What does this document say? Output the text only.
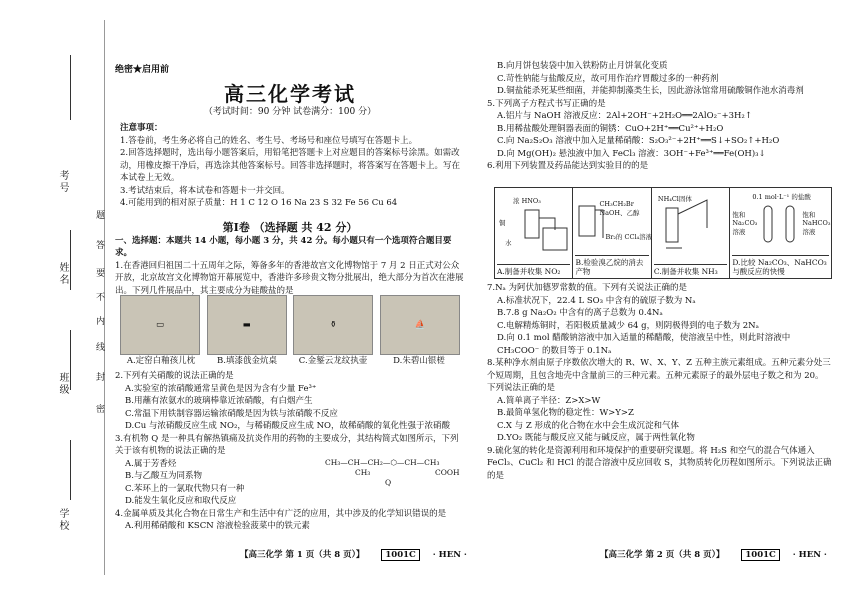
考号
姓名
班级
学校
题
答
要
不
内
线
封
密
绝密★启用前
高三化学考试
（考试时间：90 分钟 试卷满分：100 分）
注意事项：
1.答卷前，考生务必将自己的姓名、考生号、考场号和座位号填写在答题卡上。
2.回答选择题时，选出每小题答案后，用铅笔把答题卡上对应题目的答案标号涂黑。如需改动，用橡皮擦干净后，再选涂其他答案标号。回答非选择题时，将答案写在答题卡上。写在本试卷上无效。
3.考试结束后，将本试卷和答题卡一并交回。
4.可能用到的相对原子质量：H 1 C 12 O 16 Na 23 S 32 Fe 56 Cu 64
第Ⅰ卷 （选择题 共 42 分）
一、选择题：本题共 14 小题，每小题 3 分，共 42 分。每小题只有一个选项符合题目要求。
1.在香港回归祖国二十五周年之际，筹备多年的香港故宫文化博物馆于 7 月 2 日正式对公众开放，北京故宫文化博物馆开幕展览中，香港许多珍贵文物分批展出，绝大部分为首次在港展出。下列几件展品中，其主要成分为硅酸盐的是
▭	▬	⚱	⛵
A.定窑白釉孩儿枕	B.填漆戗金炕桌	C.金錾云龙纹执壶	D.朱碧山银槎
2.下列有关硝酸的说法正确的是
A.实验室的浓硝酸通常呈黄色是因为含有少量 Fe³⁺
B.用蘸有浓氨水的玻璃棒靠近浓硝酸，有白烟产生
C.常温下用铁制容器运输浓硝酸是因为铁与浓硝酸不反应
D.Cu 与浓硝酸反应生成 NO₂，与稀硝酸反应生成 NO，故稀硝酸的氧化性强于浓硝酸
3.有机物 Q 是一种具有解热镇痛及抗炎作用的药物的主要成分，其结构简式如图所示，下列关于该有机物的说法正确的是
A.属于芳香烃
B.与乙酸互为同系物
C.苯环上的一氯取代物只有一种
D.能发生氧化反应和取代反应
CH₃—CH—CH₂—⬡—CH—CH₃
CH₃	COOH
Q
4.金属单质及其化合物在日常生产和生活中有广泛的应用，其中涉及的化学知识错误的是
A.利用稀硝酸和 KSCN 溶液检验菠菜中的铁元素
B.向月饼包装袋中加入铁粉防止月饼氧化变质
C.苛性钠能与盐酸反应，故可用作治疗胃酸过多的一种药剂
D.铜盐能杀死某些细菌，并能抑制藻类生长，因此游泳馆常用硫酸铜作池水消毒剂
5.下列离子方程式书写正确的是
A.铝片与 NaOH 溶液反应：2Al+2OH⁻+2H₂O══2AlO₂⁻+3H₂↑
B.用稀盐酸处理铜器表面的铜锈：CuO+2H⁺══Cu²⁺+H₂O
C.向 Na₂S₂O₃ 溶液中加入足量稀硝酸：S₂O₃²⁻+2H⁺══S↓+SO₂↑+H₂O
D.向 Mg(OH)₂ 悬浊液中加入 FeCl₃ 溶液：3OH⁻+Fe³⁺══Fe(OH)₃↓
6.利用下列装置及药品能达到实验目的的是
浓 HNO₃
铜
水
A.制备并收集 NO₂
CH₃CH₂Br NaOH、乙醇
Br₂的 CCl₄溶液
B.检验溴乙烷的消去产物
NH₄Cl固体
C.制备并收集 NH₃
0.1 mol·L⁻¹ 的盐酸
饱和 Na₂CO₃ 溶液
饱和 NaHCO₃ 溶液
D.比较 Na₂CO₃、NaHCO₃ 与酸反应的快慢
7.Nₐ 为阿伏加德罗常数的值。下列有关说法正确的是
A.标准状况下，22.4 L SO₃ 中含有的硫原子数为 Nₐ
B.7.8 g Na₂O₂ 中含有的离子总数为 0.4Nₐ
C.电解精炼铜时，若阳极质量减少 64 g，则阴极得到的电子数为 2Nₐ
D.向 0.1 mol 醋酸钠溶液中加入适量的稀醋酸，使溶液呈中性，则此时溶液中 CH₃COO⁻ 的数目等于 0.1Nₐ
8.某种净水剂由原子序数依次增大的 R、W、X、Y、Z 五种主族元素组成。五种元素分处三个短周期，且包含地壳中含量前三的三种元素。五种元素原子的最外层电子数之和为 20。下列说法正确的是
A.简单离子半径：Z>X>W
B.最简单氢化物的稳定性：W>Y>Z
C.X 与 Z 形成的化合物在水中会生成沉淀和气体
D.YO₂ 既能与酸反应又能与碱反应，属于两性氧化物
9.硫化氢的转化是资源利用和环境保护的重要研究课题。将 H₂S 和空气的混合气体通入 FeCl₃、CuCl₂ 和 HCl 的混合溶液中反应回收 S，其物质转化历程如图所示。下列说法正确的是
【高三化学 第 1 页（共 8 页）】 1001C · HEN ·	【高三化学 第 2 页（共 8 页）】 1001C · HEN ·
